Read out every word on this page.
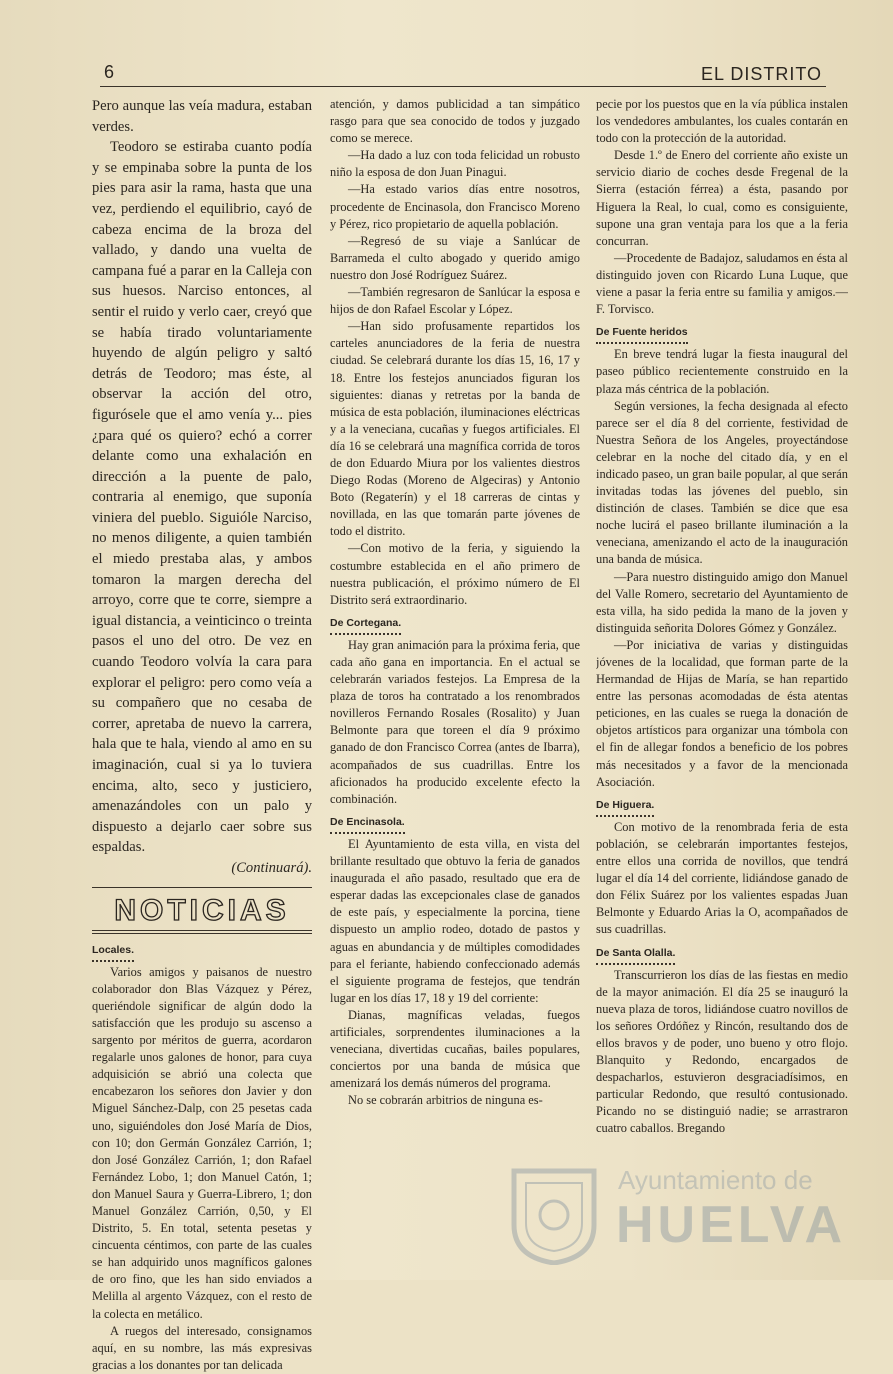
6	EL DISTRITO

Pero aunque las veía madura, estaban verdes.

Teodoro se estiraba cuanto podía y se empinaba sobre la punta de los pies para asir la rama, hasta que una vez, perdiendo el equilibrio, cayó de cabeza encima de la broza del vallado, y dando una vuelta de campana fué a parar en la Calleja con sus huesos. Narciso entonces, al sentir el ruido y verlo caer, creyó que se había tirado voluntariamente huyendo de algún peligro y saltó detrás de Teodoro; mas éste, al observar la acción del otro, figurósele que el amo venía y... pies ¿para qué os quiero? echó a correr delante como una exhalación en dirección a la puente de palo, contraria al enemigo, que suponía viniera del pueblo. Siguióle Narciso, no menos diligente, a quien también el miedo prestaba alas, y ambos tomaron la margen derecha del arroyo, corre que te corre, siempre a igual distancia, a veinticinco o treinta pasos el uno del otro. De vez en cuando Teodoro volvía la cara para explorar el peligro: pero como veía a su compañero que no cesaba de correr, apretaba de nuevo la carrera, hala que te hala, viendo al amo en su imaginación, cual si ya lo tuviera encima, alto, seco y justiciero, amenazándoles con un palo y dispuesto a dejarlo caer sobre sus espaldas.

(Continuará).

NOTICIAS
Locales.

Varios amigos y paisanos de nuestro colaborador don Blas Vázquez y Pérez, queriéndole significar de algún dodo la satisfacción que les produjo su ascenso a sargento por méritos de guerra, acordaron regalarle unos galones de honor, para cuya adquisición se abrió una colecta que encabezaron los señores don Javier y don Miguel Sánchez-Dalp, con 25 pesetas cada uno, siguiéndoles don José María de Dios, con 10; don Germán González Carrión, 1; don José González Carrión, 1; don Rafael Fernández Lobo, 1; don Manuel Catón, 1; don Manuel Saura y Guerra-Librero, 1; don Manuel González Carrión, 0,50, y El Distrito, 5. En total, setenta pesetas y cincuenta céntimos, con parte de las cuales se han adquirido unos magníficos galones de oro fino, que les han sido enviados a Melilla al argento Vázquez, con el resto de la colecta en metálico.

A ruegos del interesado, consignamos aquí, en su nombre, las más expresivas gracias a los donantes por tan delicada

atención, y damos publicidad a tan simpático rasgo para que sea conocido de todos y juzgado como se merece.

—Ha dado a luz con toda felicidad un robusto niño la esposa de don Juan Pinagui.

—Ha estado varios días entre nosotros, procedente de Encinasola, don Francisco Moreno y Pérez, rico propietario de aquella población.

—Regresó de su viaje a Sanlúcar de Barrameda el culto abogado y querido amigo nuestro don José Rodríguez Suárez.

—También regresaron de Sanlúcar la esposa e hijos de don Rafael Escolar y López.

—Han sido profusamente repartidos los carteles anunciadores de la feria de nuestra ciudad. Se celebrará durante los días 15, 16, 17 y 18. Entre los festejos anunciados figuran los siguientes: dianas y retretas por la banda de música de esta población, iluminaciones eléctricas y a la veneciana, cucañas y fuegos artificiales. El día 16 se celebrará una magnífica corrida de toros de don Eduardo Miura por los valientes diestros Diego Rodas (Moreno de Algeciras) y Antonio Boto (Regaterín) y el 18 carreras de cintas y novillada, en las que tomarán parte jóvenes de todo el distrito.

—Con motivo de la feria, y siguiendo la costumbre establecida en el año primero de nuestra publicación, el próximo número de El Distrito será extraordinario.

De Cortegana.

Hay gran animación para la próxima feria, que cada año gana en importancia. En el actual se celebrarán variados festejos. La Empresa de la plaza de toros ha contratado a los renombrados novilleros Fernando Rosales (Rosalito) y Juan Belmonte para que toreen el día 9 próximo ganado de don Francisco Correa (antes de Ibarra), acompañados de sus cuadrillas. Entre los aficionados ha producido excelente efecto la combinación.

De Encinasola.

El Ayuntamiento de esta villa, en vista del brillante resultado que obtuvo la feria de ganados inaugurada el año pasado, resultado que era de esperar dadas las excepcionales clase de ganados de este país, y especialmente la porcina, tiene dispuesto un amplio rodeo, dotado de pastos y aguas en abundancia y de múltiples comodidades para el feriante, habiendo confeccionado además el siguiente programa de festejos, que tendrán lugar en los días 17, 18 y 19 del corriente:

Dianas, magníficas veladas, fuegos artificiales, sorprendentes iluminaciones a la veneciana, divertidas cucañas, bailes populares, conciertos por una banda de música que amenizará los demás números del programa.

No se cobrarán arbitrios de ninguna es-

pecie por los puestos que en la vía pública instalen los vendedores ambulantes, los cuales contarán en todo con la protección de la autoridad.

Desde 1.º de Enero del corriente año existe un servicio diario de coches desde Fregenal de la Sierra (estación férrea) a ésta, pasando por Higuera la Real, lo cual, como es consiguiente, supone una gran ventaja para los que a la feria concurran.

—Procedente de Badajoz, saludamos en ésta al distinguido joven con Ricardo Luna Luque, que viene a pasar la feria entre su familia y amigos.—F. Torvisco.

De Fuente heridos

En breve tendrá lugar la fiesta inaugural del paseo público recientemente construido en la plaza más céntrica de la población.

Según versiones, la fecha designada al efecto parece ser el día 8 del corriente, festividad de Nuestra Señora de los Angeles, proyectándose celebrar en la noche del citado día, y en el indicado paseo, un gran baile popular, al que serán invitadas todas las jóvenes del pueblo, sin distinción de clases. También se dice que esa noche lucirá el paseo brillante iluminación a la veneciana, amenizando el acto de la inauguración una banda de música.

—Para nuestro distinguido amigo don Manuel del Valle Romero, secretario del Ayuntamiento de esta villa, ha sido pedida la mano de la joven y distinguida señorita Dolores Gómez y González.

—Por iniciativa de varias y distinguidas jóvenes de la localidad, que forman parte de la Hermandad de Hijas de María, se han repartido entre las personas acomodadas de ésta atentas peticiones, en las cuales se ruega la donación de objetos artísticos para organizar una tómbola con el fin de allegar fondos a beneficio de los pobres más necesitados y a favor de la mencionada Asociación.

De Higuera.

Con motivo de la renombrada feria de esta población, se celebrarán importantes festejos, entre ellos una corrida de novillos, que tendrá lugar el día 14 del corriente, lidiándose ganado de don Félix Suárez por los valientes espadas Juan Belmonte y Eduardo Arias la O, acompañados de sus cuadrillas.

De Santa Olalla.

Transcurrieron los días de las fiestas en medio de la mayor animación. El día 25 se inauguró la nueva plaza de toros, lidiándose cuatro novillos de los señores Ordóñez y Rincón, resultando dos de ellos bravos y de poder, uno bueno y otro flojo. Blanquito y Redondo, encargados de despacharlos, estuvieron desgraciadísimos, en particular Redondo, que resultó contusionado. Picando no se distinguió nadie; se arrastraron cuatro caballos. Bregando

Ayuntamiento de
HUELVA
